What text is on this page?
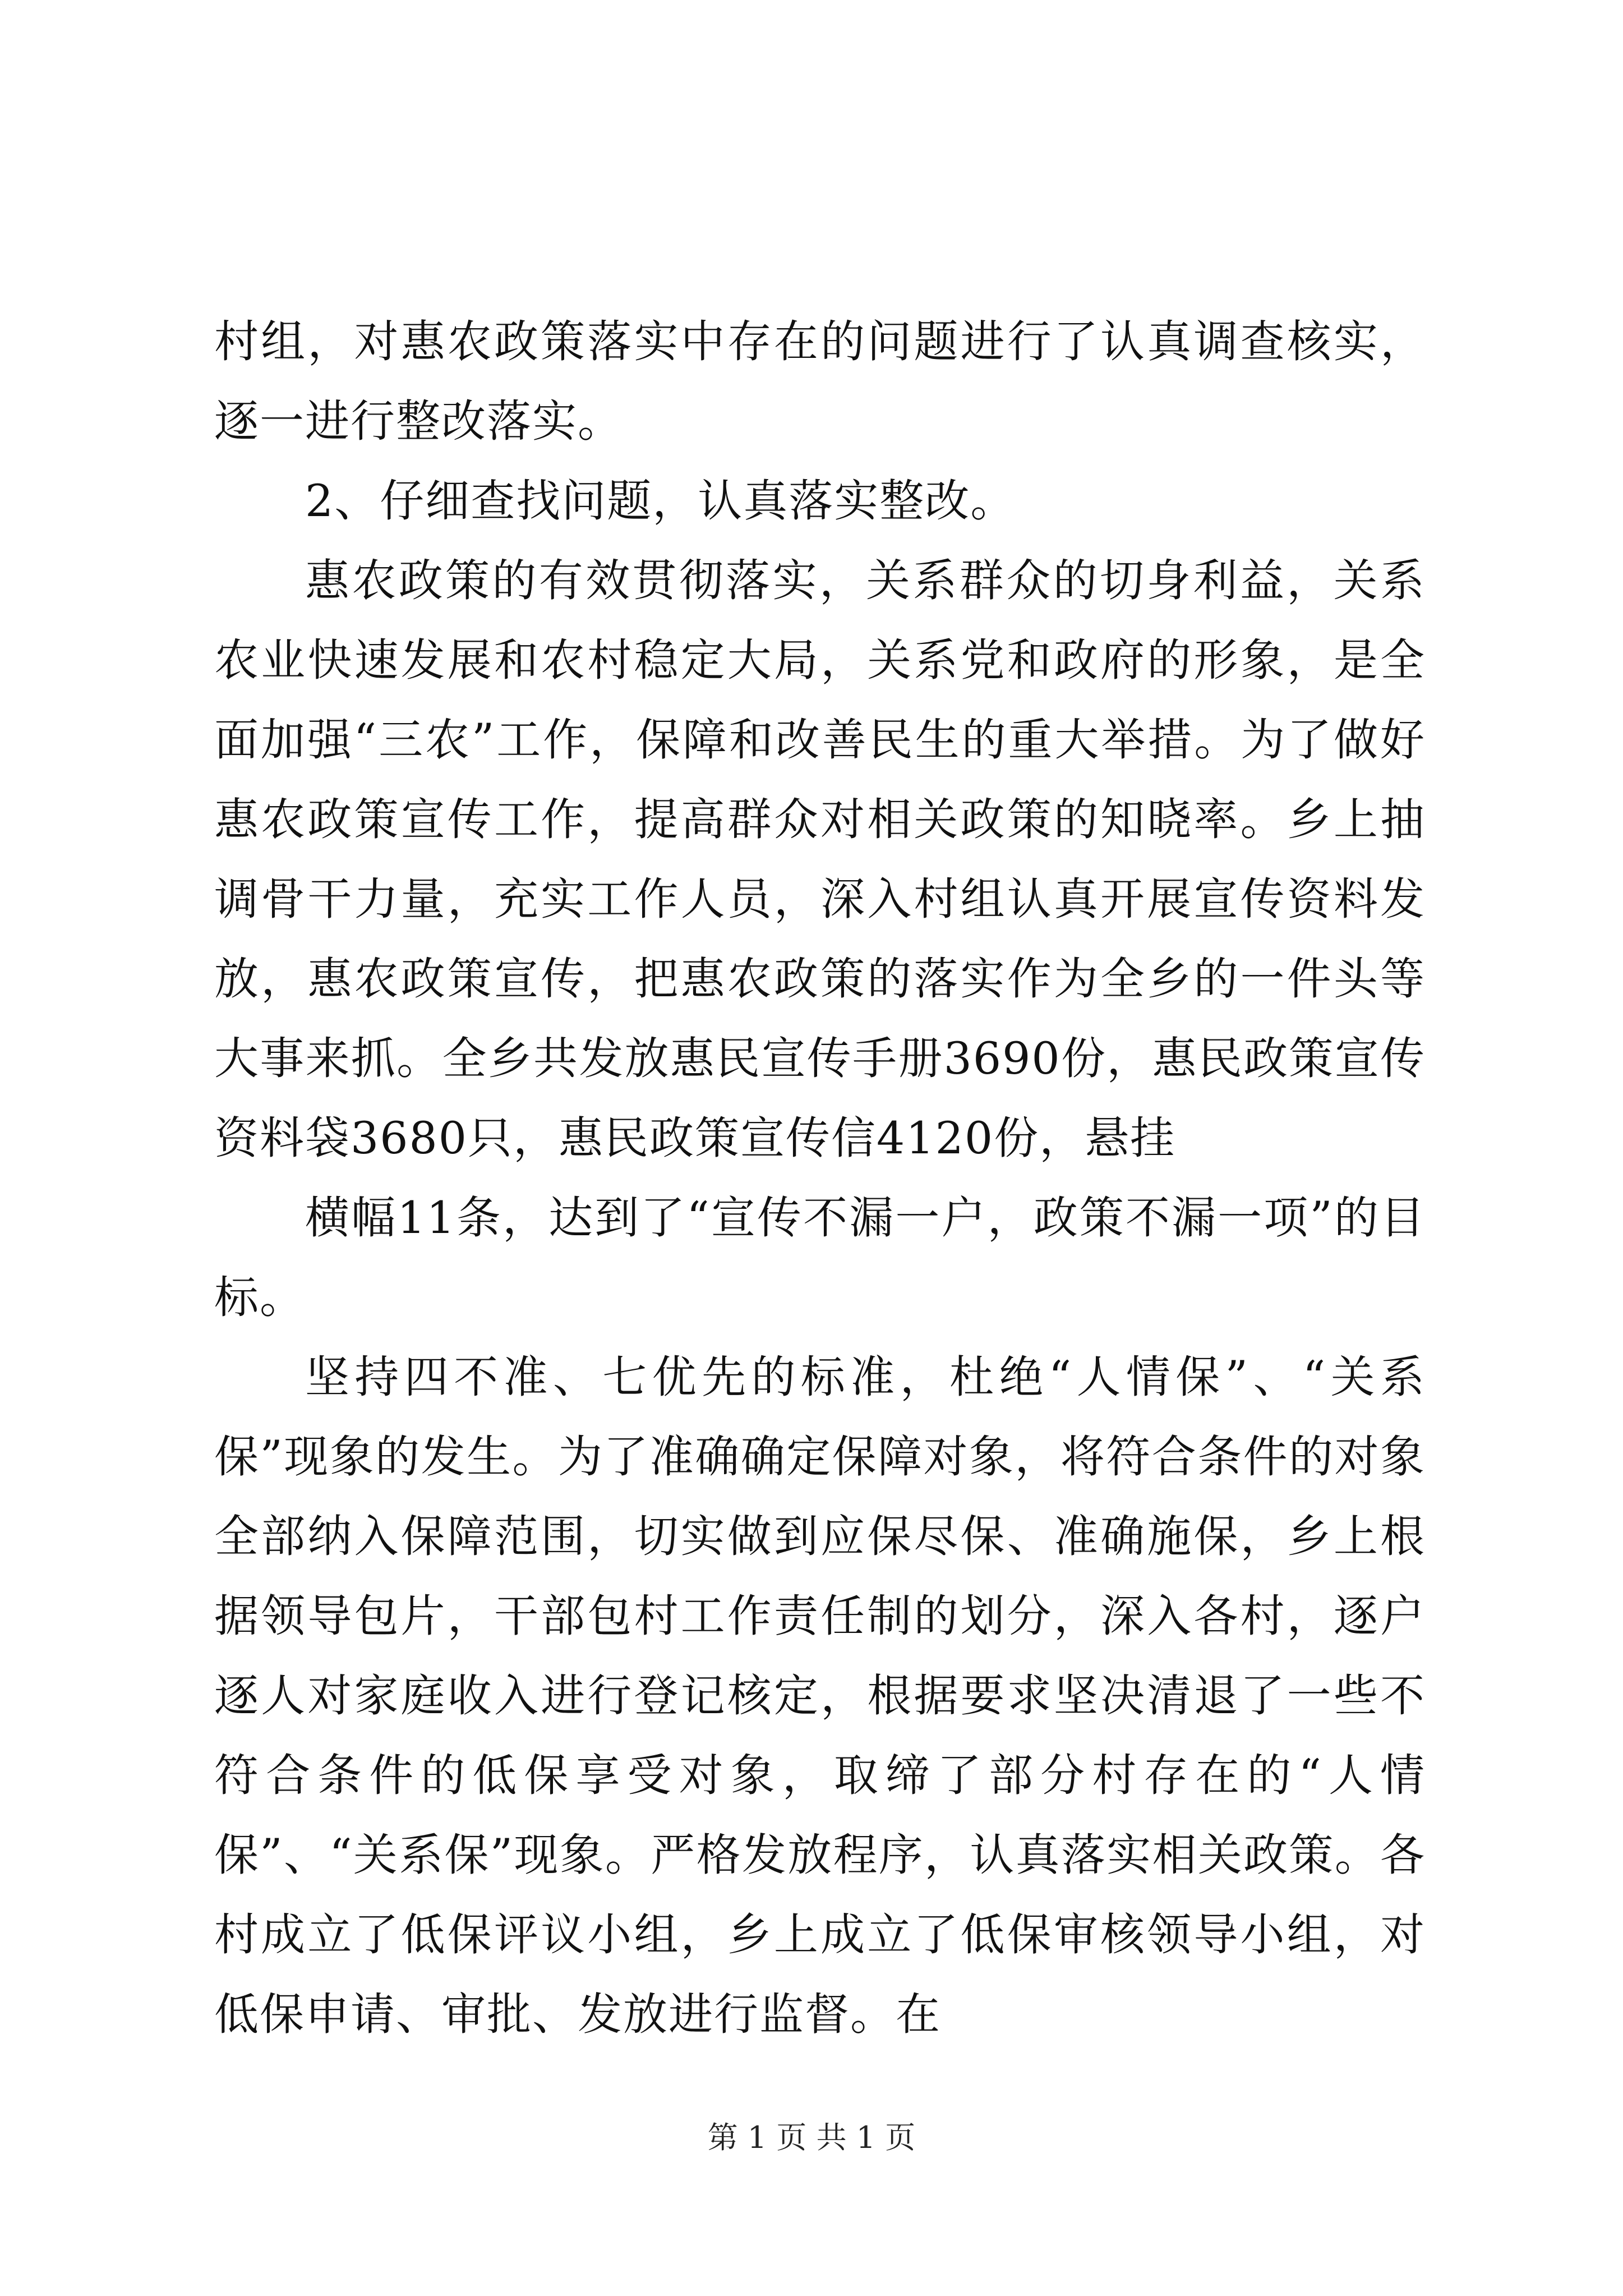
村组，对惠农政策落实中存在的问题进行了认真调查核实，逐一进行整改落实。

2、仔细查找问题，认真落实整改。

惠农政策的有效贯彻落实，关系群众的切身利益，关系农业快速发展和农村稳定大局，关系党和政府的形象，是全面加强“三农”工作，保障和改善民生的重大举措。为了做好惠农政策宣传工作，提高群众对相关政策的知晓率。乡上抽调骨干力量，充实工作人员，深入村组认真开展宣传资料发放，惠农政策宣传，把惠农政策的落实作为全乡的一件头等大事来抓。全乡共发放惠民宣传手册3690份，惠民政策宣传资料袋3680只，惠民政策宣传信4120份，悬挂

横幅11条，达到了“宣传不漏一户，政策不漏一项”的目标。

坚持四不准、七优先的标准，杜绝“人情保”、“关系保”现象的发生。为了准确确定保障对象，将符合条件的对象全部纳入保障范围，切实做到应保尽保、准确施保，乡上根据领导包片，干部包村工作责任制的划分，深入各村，逐户逐人对家庭收入进行登记核定，根据要求坚决清退了一些不符合条件的低保享受对象，取缔了部分村存在的“人情保”、“关系保”现象。严格发放程序，认真落实相关政策。各村成立了低保评议小组，乡上成立了低保审核领导小组，对低保申请、审批、发放进行监督。在

第 1 页 共 1 页
